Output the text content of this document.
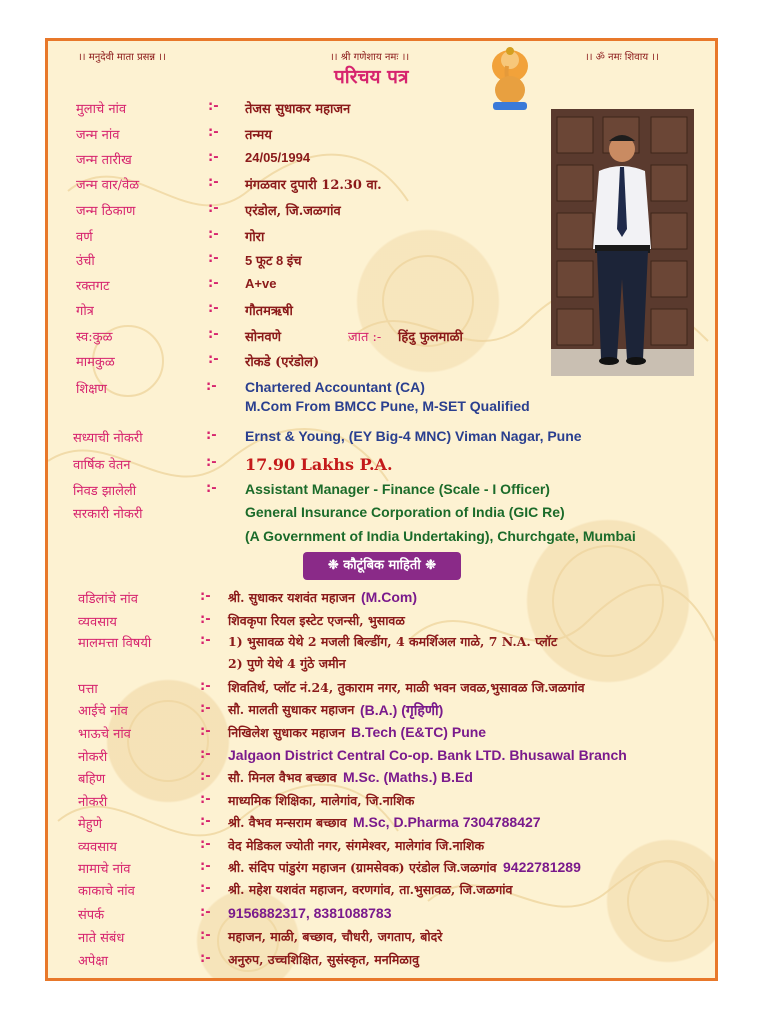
।। मनुदेवी माता प्रसन्न ।।	।। श्री गणेशाय नमः ।।	।। ॐ नमः शिवाय ।।
परिचय पत्र
मुलाचे नांव	:- तेजस सुधाकर महाजन
जन्म नांव	:- तन्मय
जन्म तारीख	:- 24/05/1994
जन्म वार/वेळ	:- मंगळवार दुपारी 12.30 वा.
जन्म ठिकाण	:- एरंडोल, जि.जळगांव
वर्ण	:- गोरा
उंची	:- 5 फूट 8 इंच
रक्तगट	:- A+ve
गोत्र	:- गौतमऋषी
स्व:कुळ	:- सोनवणे	जात :- हिंदु फुलमाळी
मामकुळ	:- रोकडे (एरंडोल)
शिक्षण	:- Chartered Accountant (CA)
M.Com From BMCC Pune, M-SET Qualified
सध्याची नोकरी	:- Ernst & Young, (EY Big-4 MNC) Viman Nagar, Pune
वार्षिक वेतन	:- 17.90 Lakhs P.A.
निवड झालेली	:- Assistant Manager - Finance (Scale - I Officer)
सरकारी नोकरी	General Insurance Corporation of India (GIC Re)
(A Government of India Undertaking), Churchgate, Mumbai
❉ कौटूंबिक माहिती ❉
वडिलांचे नांव	:- श्री. सुधाकर यशवंत महाजन (M.Com)
व्यवसाय	:- शिवकृपा रियल इस्टेट एजन्सी, भुसावळ
मालमत्ता विषयी	:- 1) भुसावळ येथे 2 मजली बिल्डींग, 4 कमर्शिअल गाळे, 7 N.A. प्लॉट
2) पुणे येथे 4 गुंठे जमीन
पत्ता	:- शिवतिर्थ, प्लॉट नं.24, तुकाराम नगर, माळी भवन जवळ,भुसावळ जि.जळगांव
आईचे नांव	:- सौ. मालती सुधाकर महाजन (B.A.) (गृहिणी)
भाऊचे नांव	:- निखिलेश सुधाकर महाजन B.Tech (E&TC) Pune
नोकरी	:- Jalgaon District Central Co-op. Bank LTD. Bhusawal Branch
बहिण	:- सौ. मिनल वैभव बच्छाव M.Sc. (Maths.) B.Ed
नोकरी	:- माध्यमिक शिक्षिका, मालेगांव, जि.नाशिक
मेहुणे	:- श्री. वैभव मन्सराम बच्छाव M.Sc, D.Pharma 7304788427
व्यवसाय	:- वेद मेडिकल ज्योती नगर, संगमेश्वर, मालेगांव जि.नाशिक
मामाचे नांव	:- श्री. संदिप पांडुरंग महाजन (ग्रामसेवक) एरंडोल जि.जळगांव 9422781289
काकाचे नांव	:- श्री. महेश यशवंत महाजन, वरणगांव, ता.भुसावळ, जि.जळगांव
संपर्क	:- 9156882317, 8381088783
नाते संबंध	:- महाजन, माळी, बच्छाव, चौधरी, जगताप, बोदरे
अपेक्षा	:- अनुरुप, उच्चशिक्षित, सुसंस्कृत, मनमिळावु
